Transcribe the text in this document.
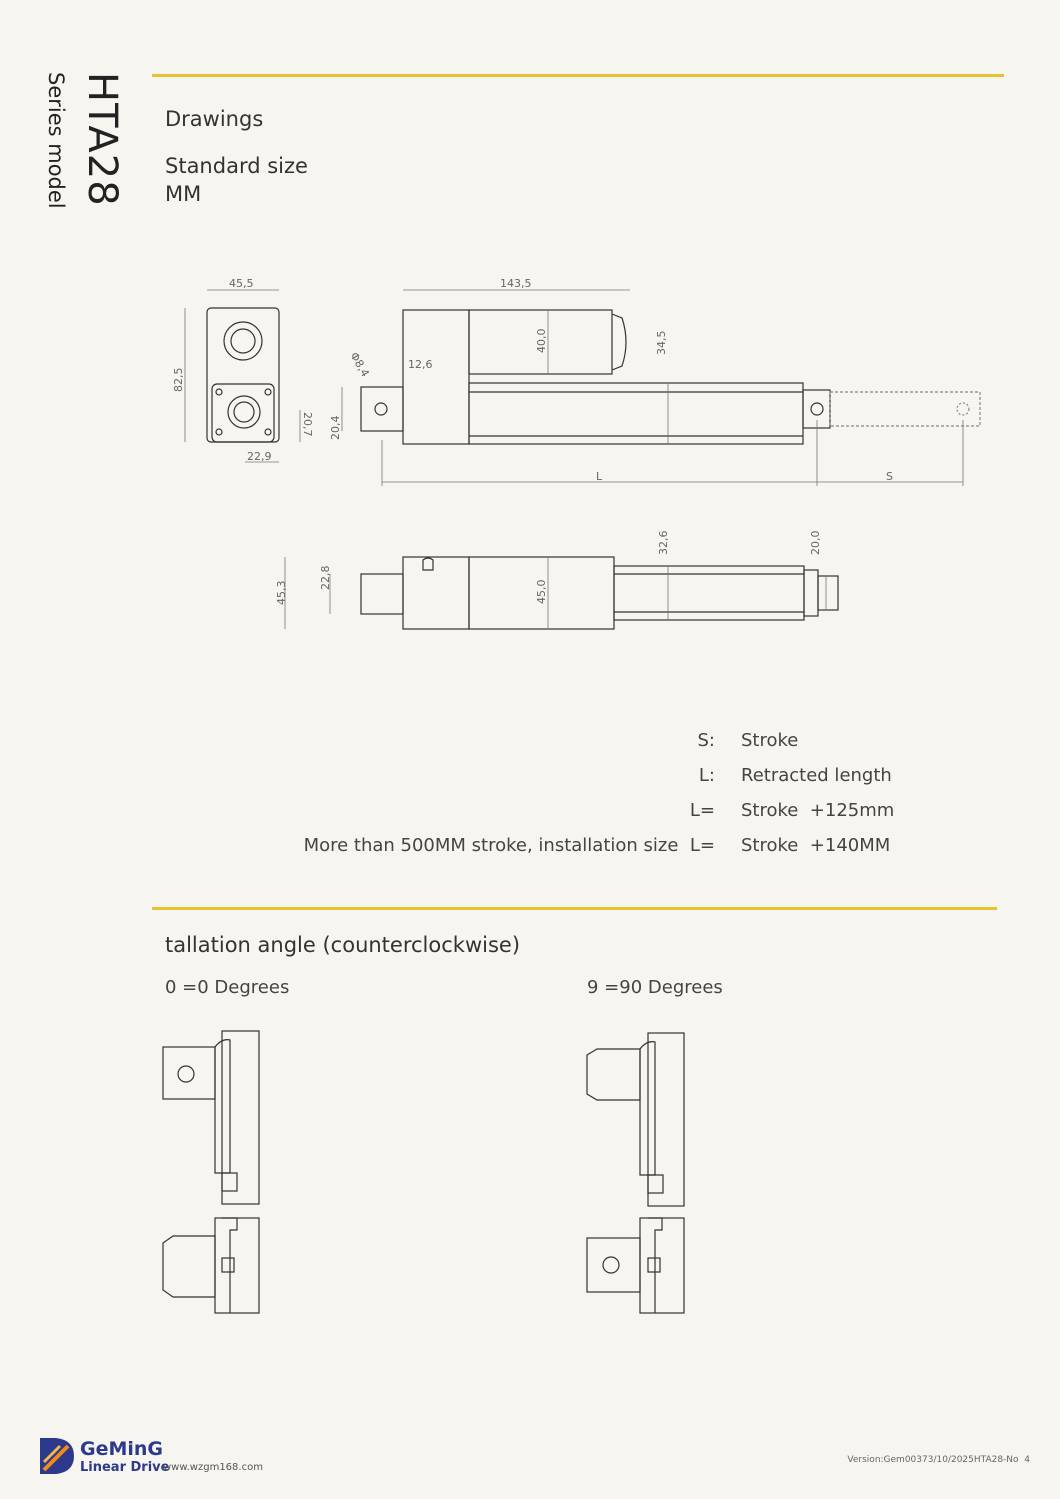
HTA28
Series model	Drawings
Standard size
MM
45,5
82,5
20,7
22,9
143,5
Φ8,4	12,6
40,0	34,5
20,4
L	S
45,3
22,8
45,0
32,6	20,0
S: Stroke
L: Retracted length
L= Stroke  +125mm
More than 500MM stroke, installation size  L= Stroke  +140MM
tallation angle (counterclockwise)
0 =0 Degrees	9 =90 Degrees
GeMinG
Linear Drive
www.wzgm168.com
Version:Gem00373/10/2025HTA28-No  4
